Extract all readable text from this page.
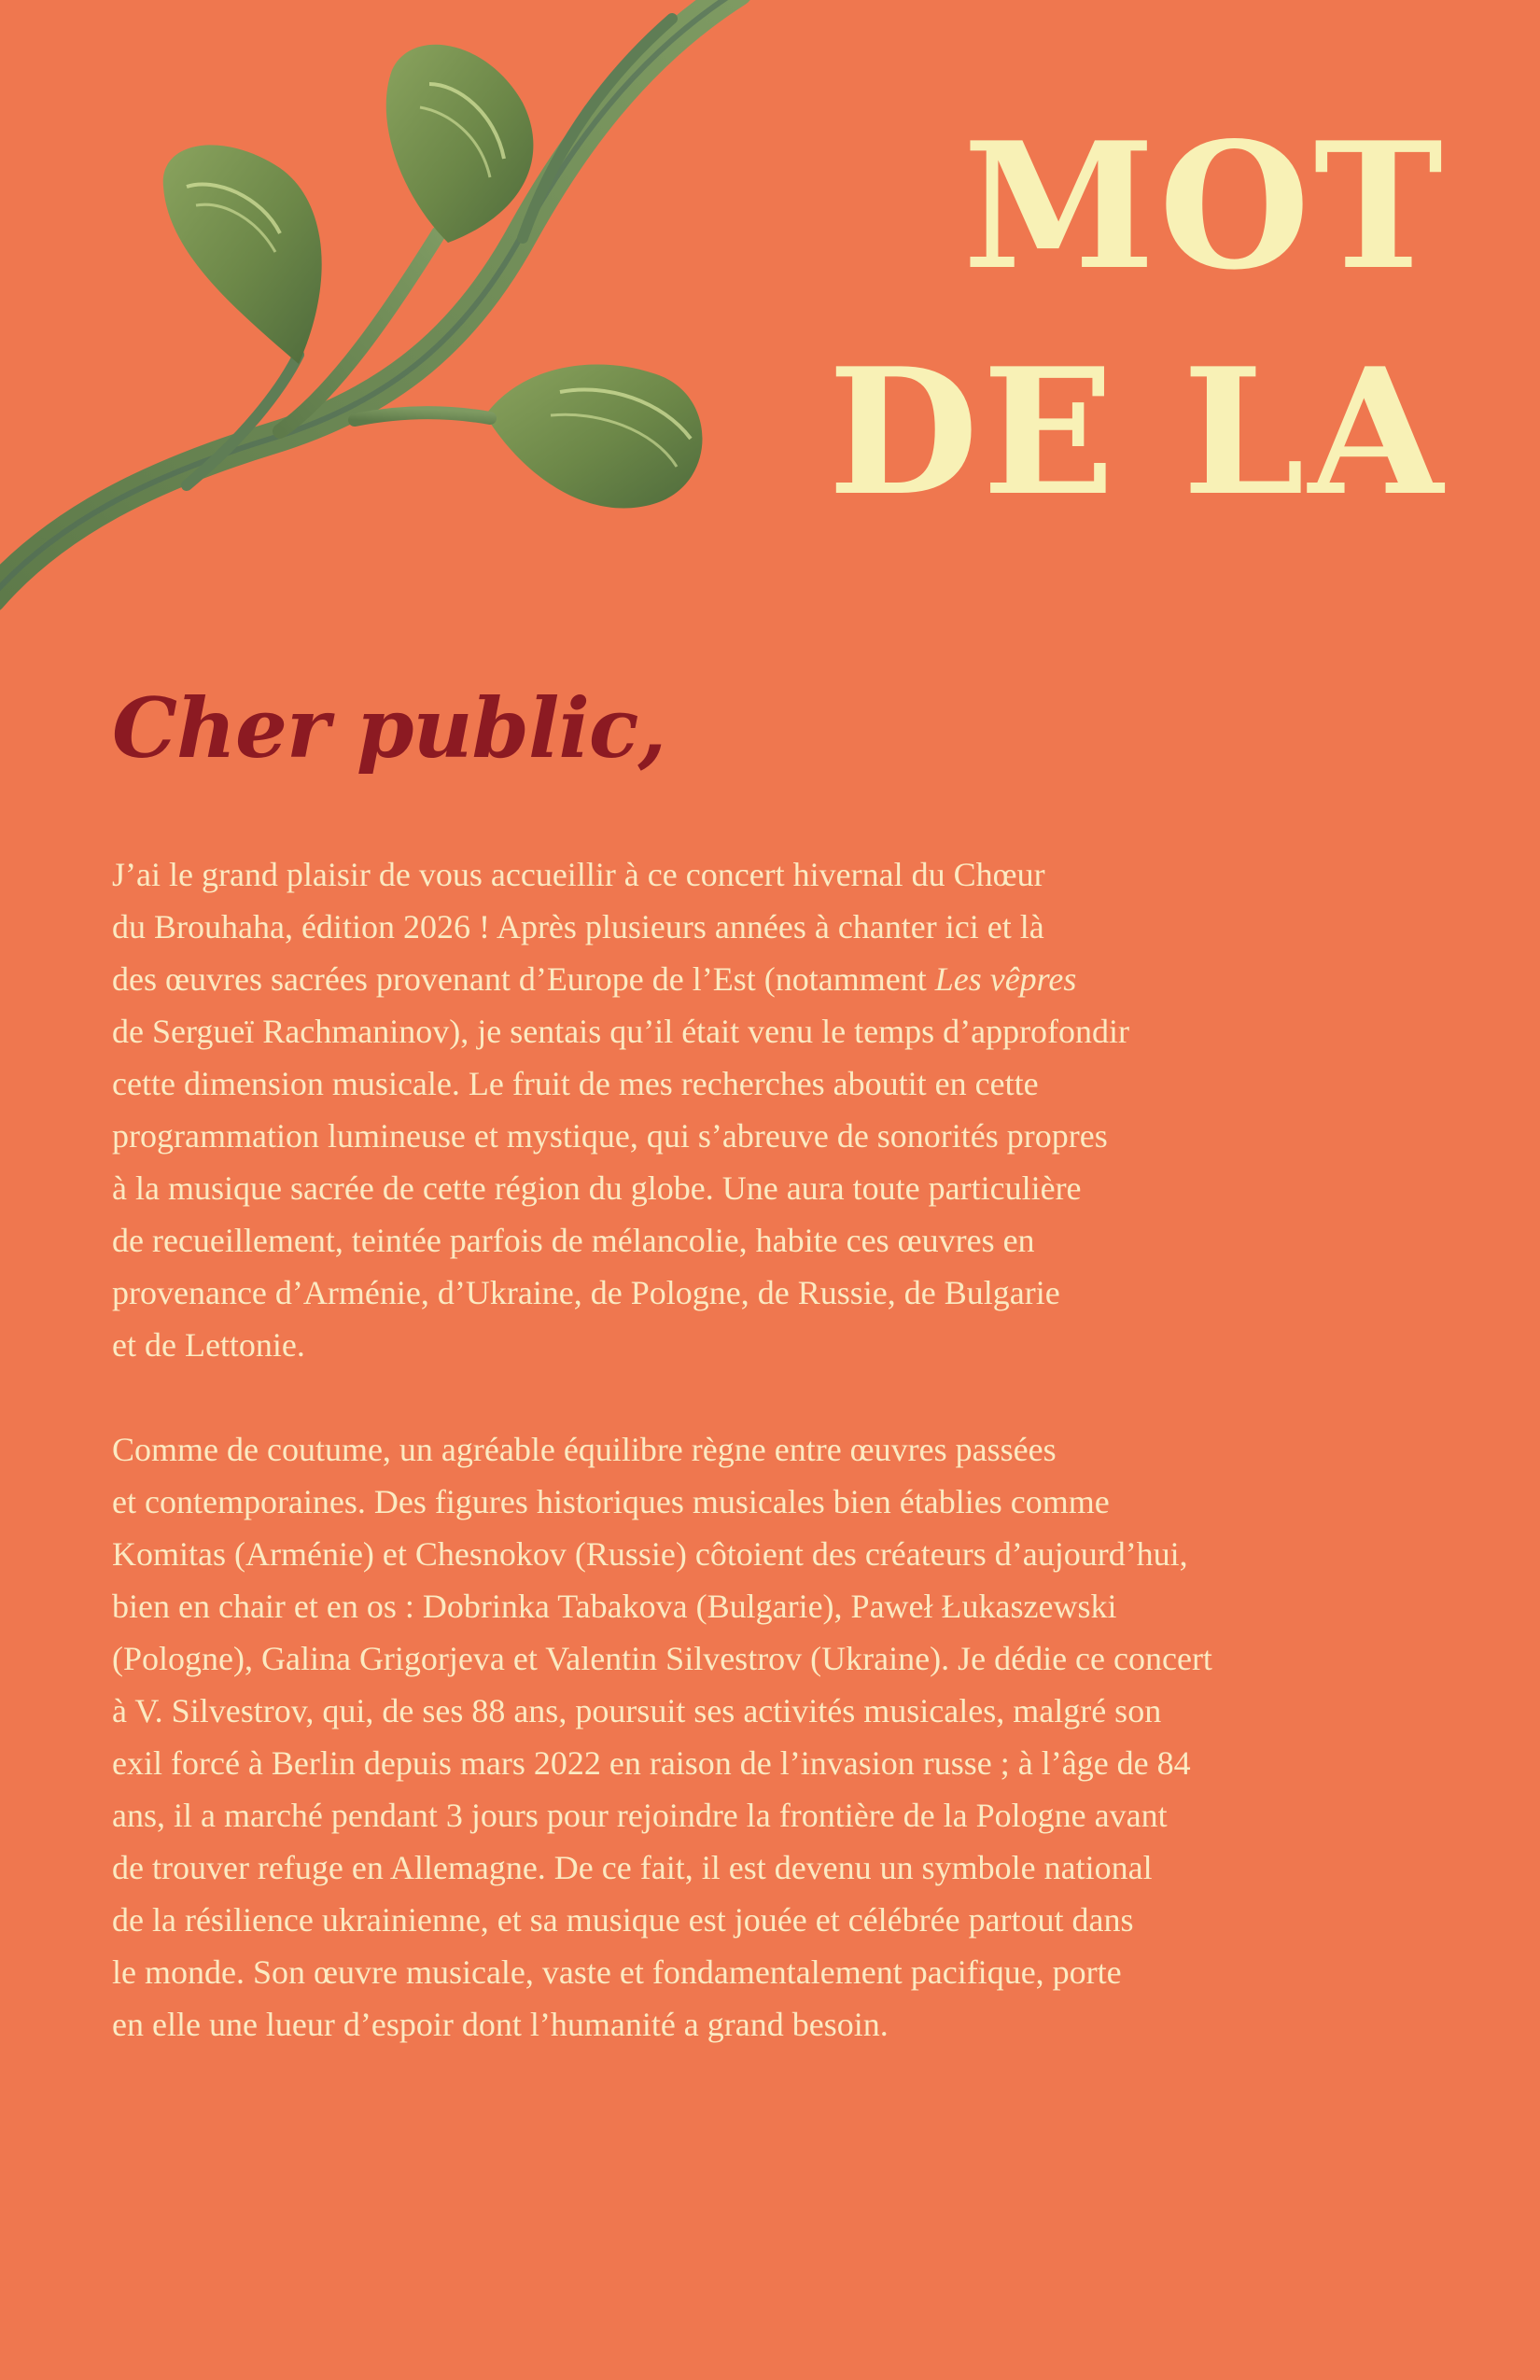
MOT
DE LA
Cher public,

J’ai le grand plaisir de vous accueillir à ce concert hivernal du Chœur
du Brouhaha, édition 2026 ! Après plusieurs années à chanter ici et là
des œuvres sacrées provenant d’Europe de l’Est (notamment Les vêpres
de Sergueï Rachmaninov), je sentais qu’il était venu le temps d’approfondir
cette dimension musicale. Le fruit de mes recherches aboutit en cette
programmation lumineuse et mystique, qui s’abreuve de sonorités propres
à la musique sacrée de cette région du globe. Une aura toute particulière
de recueillement, teintée parfois de mélancolie, habite ces œuvres en
provenance d’Arménie, d’Ukraine, de Pologne, de Russie, de Bulgarie
et de Lettonie.

Comme de coutume, un agréable équilibre règne entre œuvres passées
et contemporaines. Des figures historiques musicales bien établies comme
Komitas (Arménie) et Chesnokov (Russie) côtoient des créateurs d’aujourd’hui,
bien en chair et en os : Dobrinka Tabakova (Bulgarie), Paweł Łukaszewski
(Pologne), Galina Grigorjeva et Valentin Silvestrov (Ukraine). Je dédie ce concert
à V. Silvestrov, qui, de ses 88 ans, poursuit ses activités musicales, malgré son
exil forcé à Berlin depuis mars 2022 en raison de l’invasion russe ; à l’âge de 84
ans, il a marché pendant 3 jours pour rejoindre la frontière de la Pologne avant
de trouver refuge en Allemagne. De ce fait, il est devenu un symbole national
de la résilience ukrainienne, et sa musique est jouée et célébrée partout dans
le monde. Son œuvre musicale, vaste et fondamentalement pacifique, porte
en elle une lueur d’espoir dont l’humanité a grand besoin.
